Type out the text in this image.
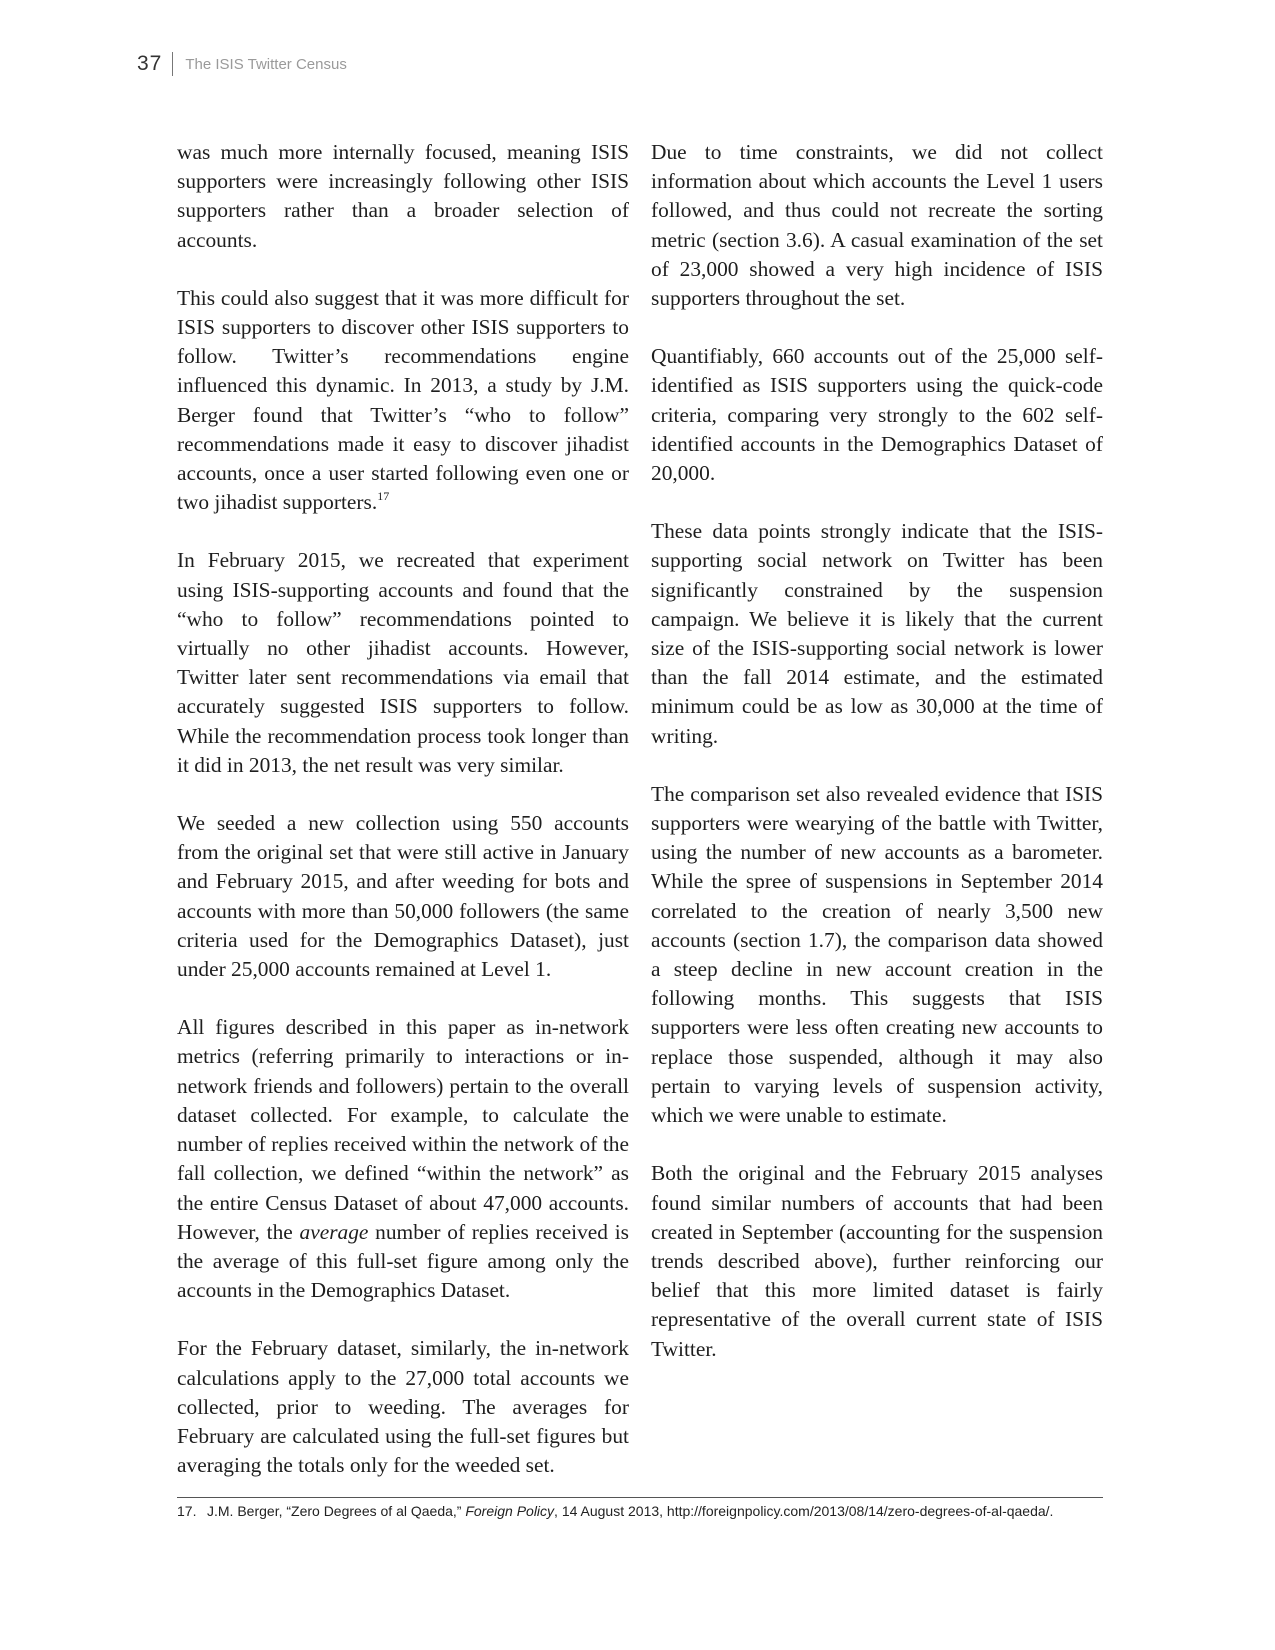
37 The ISIS Twitter Census

was much more internally focused, meaning ISIS supporters were increasingly following other ISIS supporters rather than a broader selection of accounts.

This could also suggest that it was more difficult for ISIS supporters to discover other ISIS supporters to follow. Twitter’s recommendations engine influenced this dynamic. In 2013, a study by J.M. Berger found that Twitter’s “who to follow” recommendations made it easy to discover jihadist accounts, once a user started following even one or two jihadist supporters.$^{17}$

In February 2015, we recreated that experiment using ISIS-supporting accounts and found that the “who to follow” recommendations pointed to virtually no other jihadist accounts. However, Twitter later sent recommendations via email that accurately suggested ISIS supporters to follow. While the recommendation process took longer than it did in 2013, the net result was very similar.

We seeded a new collection using 550 accounts from the original set that were still active in January and February 2015, and after weeding for bots and accounts with more than 50,000 followers (the same criteria used for the Demographics Dataset), just under 25,000 accounts remained at Level 1.

All figures described in this paper as in-network metrics (referring primarily to interactions or in-network friends and followers) pertain to the overall dataset collected. For example, to calculate the number of replies received within the network of the fall collection, we defined “within the network” as the entire Census Dataset of about 47,000 accounts. However, the average number of replies received is the average of this full-set figure among only the accounts in the Demographics Dataset.

For the February dataset, similarly, the in-network calculations apply to the 27,000 total accounts we collected, prior to weeding. The averages for February are calculated using the full-set figures but averaging the totals only for the weeded set.

Due to time constraints, we did not collect information about which accounts the Level 1 users followed, and thus could not recreate the sorting metric (section 3.6). A casual examination of the set of 23,000 showed a very high incidence of ISIS supporters throughout the set.

Quantifiably, 660 accounts out of the 25,000 self-identified as ISIS supporters using the quick-code criteria, comparing very strongly to the 602 self-identified accounts in the Demographics Dataset of 20,000.

These data points strongly indicate that the ISIS-supporting social network on Twitter has been significantly constrained by the suspension campaign. We believe it is likely that the current size of the ISIS-supporting social network is lower than the fall 2014 estimate, and the estimated minimum could be as low as 30,000 at the time of writing.

The comparison set also revealed evidence that ISIS supporters were wearying of the battle with Twitter, using the number of new accounts as a barometer. While the spree of suspensions in September 2014 correlated to the creation of nearly 3,500 new accounts (section 1.7), the comparison data showed a steep decline in new account creation in the following months. This suggests that ISIS supporters were less often creating new accounts to replace those suspended, although it may also pertain to varying levels of suspension activity, which we were unable to estimate.

Both the original and the February 2015 analyses found similar numbers of accounts that had been created in September (accounting for the suspension trends described above), further reinforcing our belief that this more limited dataset is fairly representative of the overall current state of ISIS Twitter.

17. J.M. Berger, “Zero Degrees of al Qaeda,” Foreign Policy, 14 August 2013, http://foreignpolicy.com/2013/08/14/zero-degrees-of-al-qaeda/.
